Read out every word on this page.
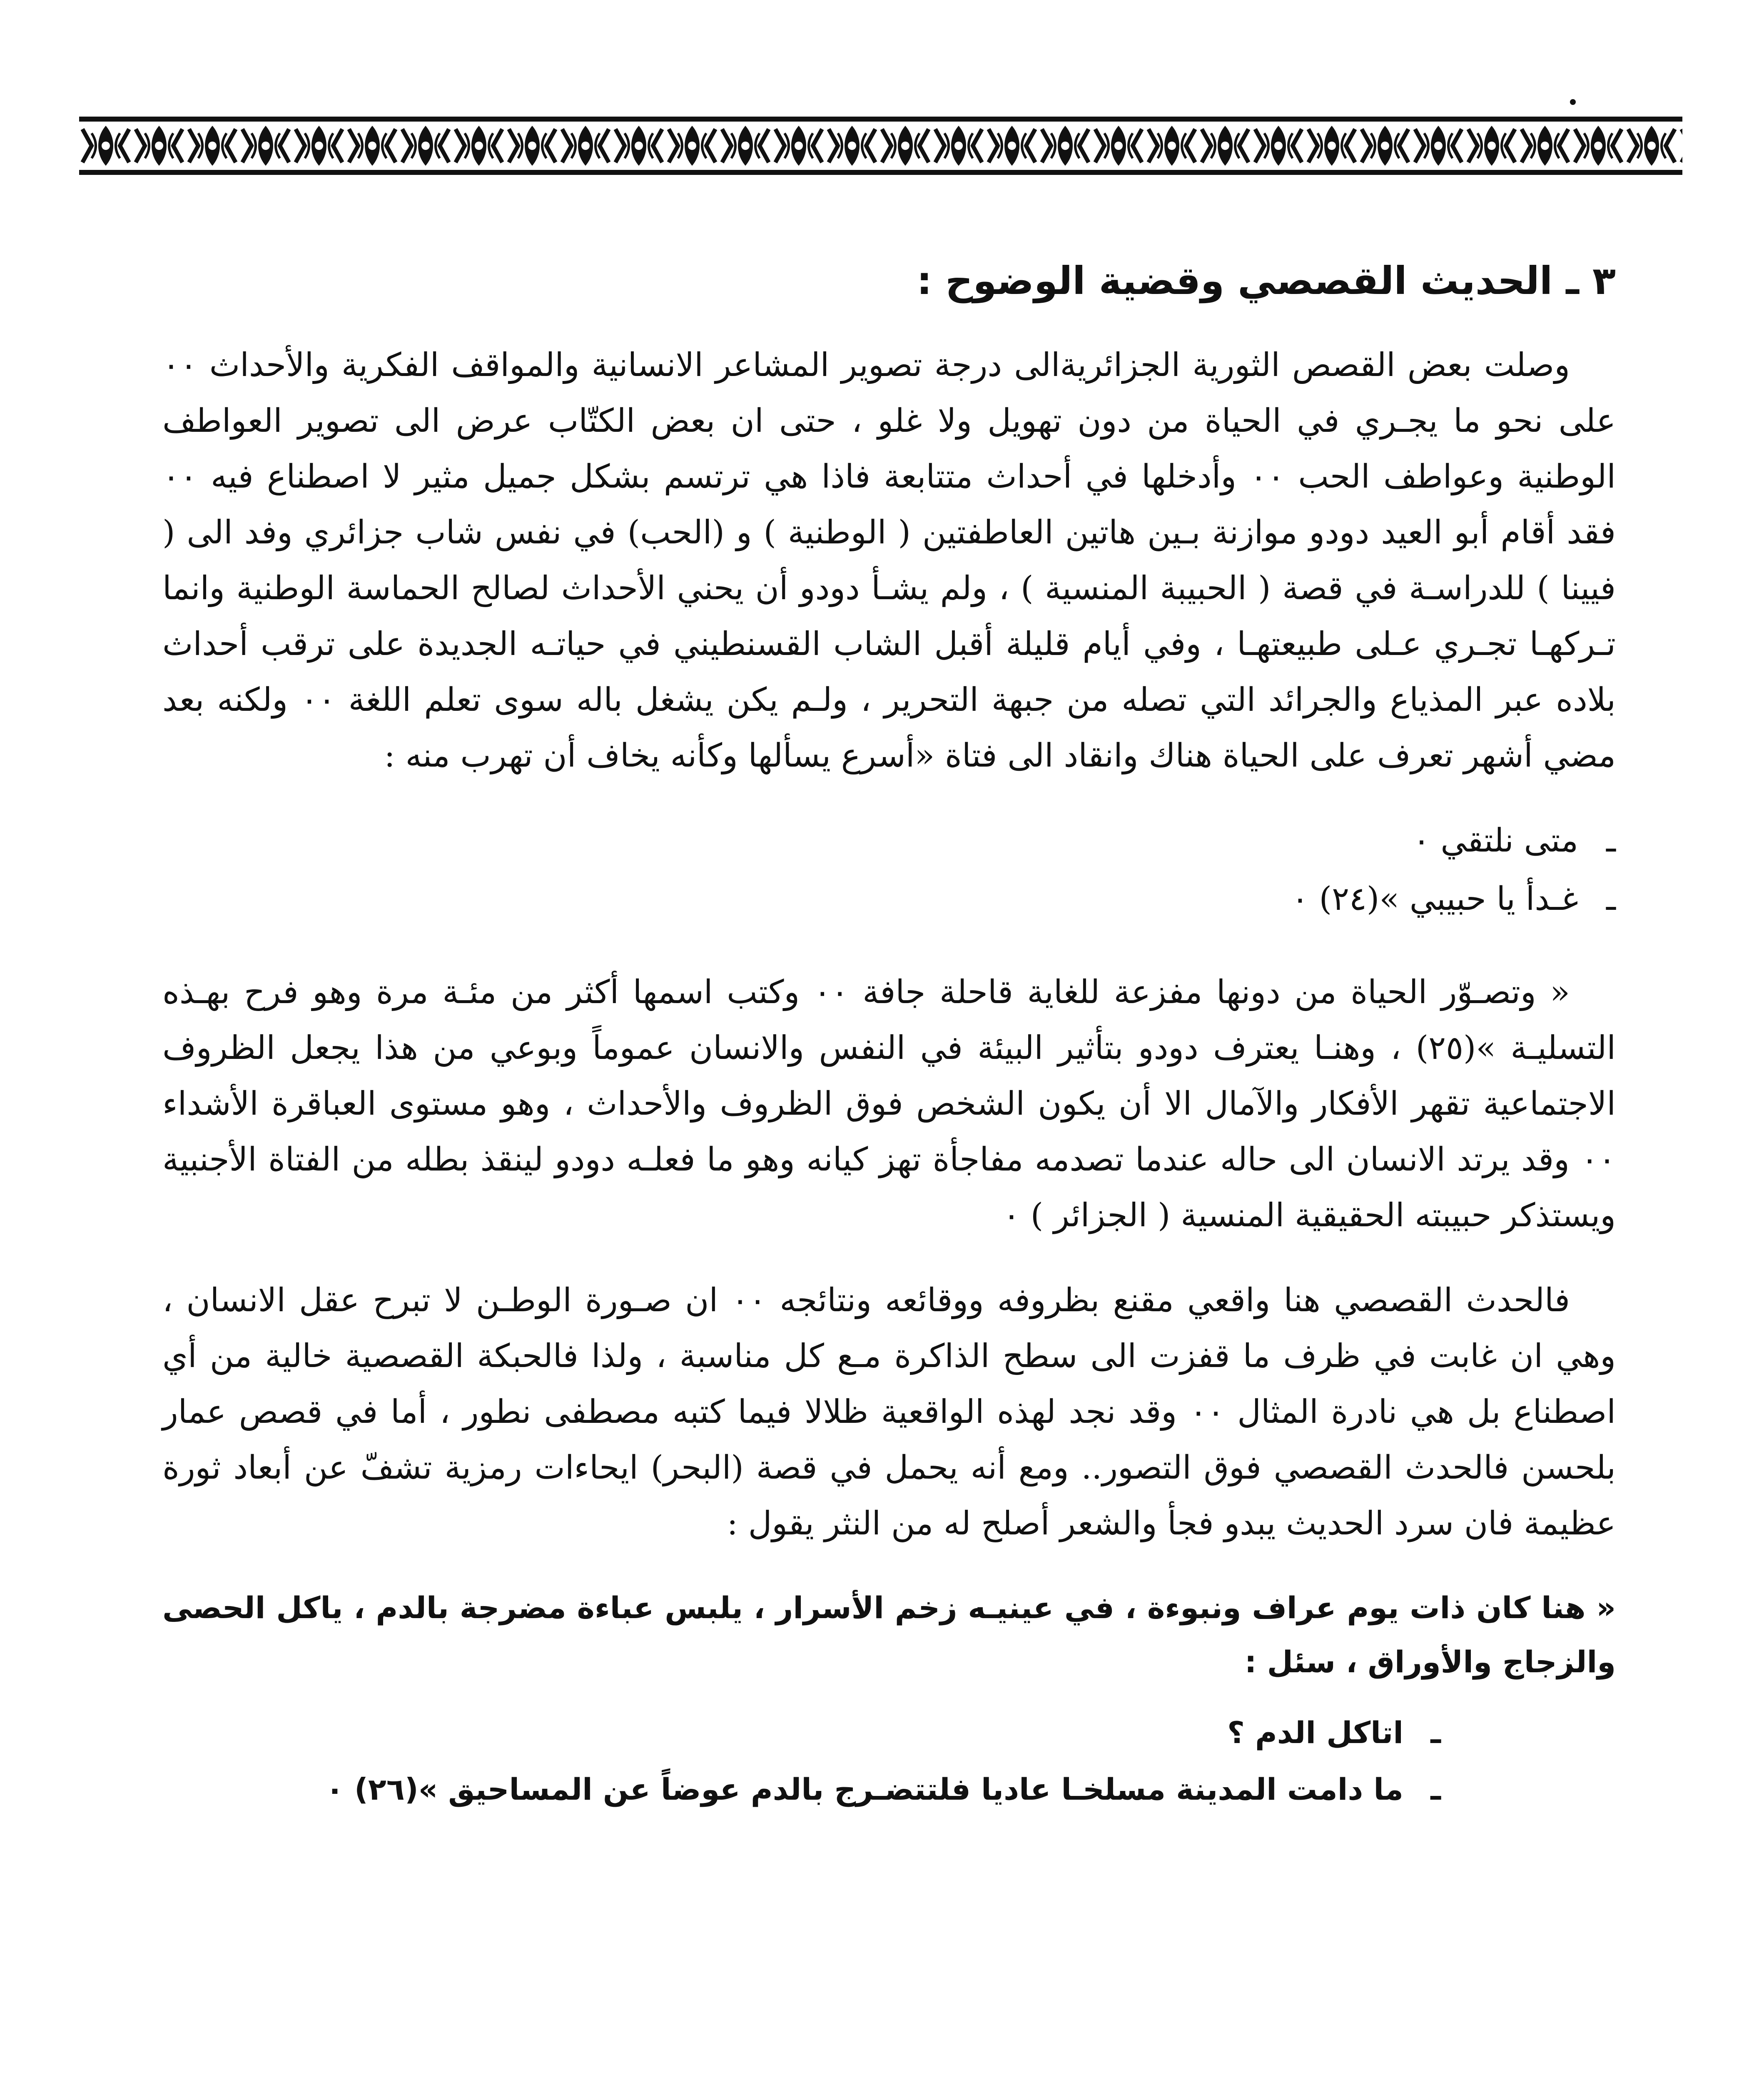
٣ ـ الحديث القصصي وقضية الوضوح :

وصلت بعض القصص الثورية الجزائريةالى درجة تصوير المشاعر الانسانية والمواقف الفكرية والأحداث ٠٠ على نحو ما يجـري في الحياة من دون تهويل ولا غلو ، حتى ان بعض الكتّاب عرض الى تصوير العواطف الوطنية وعواطف الحب ٠٠ وأدخلها في أحداث متتابعة فاذا هي ترتسم بشكل جميل مثير لا اصطناع فيه ٠٠ فقد أقام أبو العيد دودو موازنة بـين هاتين العاطفتين ( الوطنية ) و (الحب) في نفس شاب جزائري وفد الى ( فيينا ) للدراسـة في قصة ( الحبيبة المنسية ) ، ولم يشـأ دودو أن يحني الأحداث لصالح الحماسة الوطنية وانما تـركهـا تجـري عـلى طبيعتهـا ، وفي أيام قليلة أقبل الشاب القسنطيني في حياتـه الجديدة على ترقب أحداث بلاده عبر المذياع والجرائد التي تصله من جبهة التحرير ، ولـم يكن يشغل باله سوى تعلم اللغة ٠٠ ولكنه بعد مضي أشهر تعرف على الحياة هناك وانقاد الى فتاة «أسرع يسألها وكأنه يخاف أن تهرب منه :

ـمتى نلتقي ٠
ـغـدأ يا حبيبي »(٢٤) ٠

« وتصـوّر الحياة من دونها مفزعة للغاية قاحلة جافة ٠٠ وكتب اسمها أكثر من مئـة مرة وهو فرح بهـذه التسليـة »(٢٥) ، وهنـا يعترف دودو بتأثير البيئة في النفس والانسان عموماً وبوعي من هذا يجعل الظروف الاجتماعية تقهر الأفكار والآمال الا أن يكون الشخص فوق الظروف والأحداث ، وهو مستوى العباقرة الأشداء ٠٠ وقد يرتد الانسان الى حاله عندما تصدمه مفاجأة تهز كيانه وهو ما فعلـه دودو لينقذ بطله من الفتاة الأجنبية ويستذكر حبيبته الحقيقية المنسية ( الجزائر ) ٠

فالحدث القصصي هنا واقعي مقنع بظروفه ووقائعه ونتائجه ٠٠ ان صـورة الوطـن لا تبرح عقل الانسان ، وهي ان غابت في ظرف ما قفزت الى سطح الذاكرة مـع كل مناسبة ، ولذا فالحبكة القصصية خالية من أي اصطناع بل هي نادرة المثال ٠٠ وقد نجد لهذه الواقعية ظلالا فيما كتبه مصطفى نطور ، أما في قصص عمار بلحسن فالحدث القصصي فوق التصور.. ومع أنه يحمل في قصة (البحر) ايحاءات رمزية تشفّ عن أبعاد ثورة عظيمة فان سرد الحديث يبدو فجأ والشعر أصلح له من النثر يقول :

« هنا كان ذات يوم عراف ونبوءة ، في عينيـه زخم الأسرار ، يلبس عباءة مضرجة بالدم ، ياكل الحصى والزجاج والأوراق ، سئل :

ـاتاكل الدم ؟
ـما دامت المدينة مسلخـا عاديا فلتتضـرج بالدم عوضاً عن المساحيق »(٢٦) ٠
